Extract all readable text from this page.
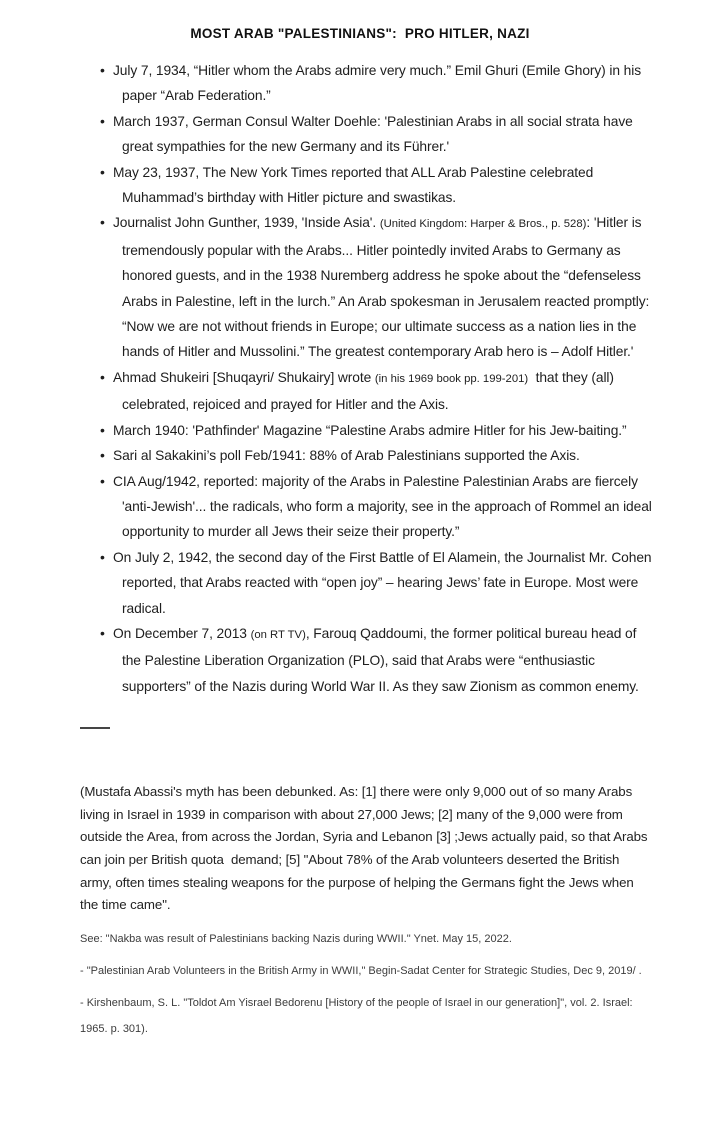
MOST ARAB "PALESTINIANS":  PRO HITLER, NAZI
• July 7, 1934, “Hitler whom the Arabs admire very much.” Emil Ghuri (Emile Ghory) in his paper “Arab Federation.”
• March 1937, German Consul Walter Doehle: 'Palestinian Arabs in all social strata have great sympathies for the new Germany and its Führer.'
• May 23, 1937, The New York Times reported that ALL Arab Palestine celebrated Muhammad’s birthday with Hitler picture and swastikas.
• Journalist John Gunther, 1939, 'Inside Asia'. (United Kingdom: Harper & Bros., p. 528): 'Hitler is tremendously popular with the Arabs... Hitler pointedly invited Arabs to Germany as honored guests, and in the 1938 Nuremberg address he spoke about the “defenseless Arabs in Palestine, left in the lurch.” An Arab spokesman in Jerusalem reacted promptly: “Now we are not without friends in Europe; our ultimate success as a nation lies in the hands of Hitler and Mussolini.” The greatest contemporary Arab hero is – Adolf Hitler.'
• Ahmad Shukeiri [Shuqayri/ Shukairy] wrote (in his 1969 book pp. 199-201)  that they (all) celebrated, rejoiced and prayed for Hitler and the Axis.
• March 1940: 'Pathfinder' Magazine “Palestine Arabs admire Hitler for his Jew-baiting.”
• Sari al Sakakini’s poll Feb/1941: 88% of Arab Palestinians supported the Axis.
• CIA Aug/1942, reported: majority of the Arabs in Palestine Palestinian Arabs are fiercely 'anti-Jewish'... the radicals, who form a majority, see in the approach of Rommel an ideal opportunity to murder all Jews their seize their property.”
• On July 2, 1942, the second day of the First Battle of El Alamein, the Journalist Mr. Cohen reported, that Arabs reacted with “open joy” – hearing Jews’ fate in Europe. Most were radical.
• On December 7, 2013 (on RT TV), Farouq Qaddoumi, the former political bureau head of the Palestine Liberation Organization (PLO), said that Arabs were “enthusiastic supporters” of the Nazis during World War II. As they saw Zionism as common enemy.

(Mustafa Abassi's myth has been debunked. As: [1] there were only 9,000 out of so many Arabs living in Israel in 1939 in comparison with about 27,000 Jews; [2] many of the 9,000 were from outside the Area, from across the Jordan, Syria and Lebanon [3] ;Jews actually paid, so that Arabs can join per British quota  demand; [5] "About 78% of the Arab volunteers deserted the British army, often times stealing weapons for the purpose of helping the Germans fight the Jews when the time came".

See: "Nakba was result of Palestinians backing Nazis during WWII." Ynet. May 15, 2022.

- "Palestinian Arab Volunteers in the British Army in WWII," Begin-Sadat Center for Strategic Studies, Dec 9, 2019/ .

- Kirshenbaum, S. L. "Toldot Am Yisrael Bedorenu [History of the people of Israel in our generation]", vol. 2. Israel: 1965. p. 301).
